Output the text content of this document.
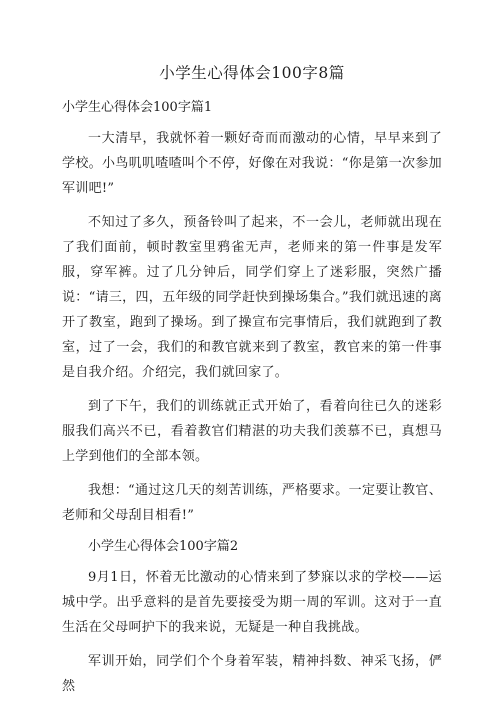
小学生心得体会100字8篇
小学生心得体会100字篇1

一大清早，我就怀着一颗好奇而而激动的心情，早早来到了学校。小鸟叽叽喳喳叫个不停，好像在对我说：“你是第一次参加军训吧!”

不知过了多久，预备铃叫了起来，不一会儿，老师就出现在了我们面前，顿时教室里鸦雀无声，老师来的第一件事是发军服，穿军裤。过了几分钟后，同学们穿上了迷彩服，突然广播说：“请三，四，五年级的同学赶快到操场集合。”我们就迅速的离开了教室，跑到了操场。到了操宣布完事情后，我们就跑到了教室，过了一会，我们的和教官就来到了教室，教官来的第一件事是自我介绍。介绍完，我们就回家了。

到了下午，我们的训练就正式开始了，看着向往已久的迷彩服我们高兴不已，看着教官们精湛的功夫我们羡慕不已，真想马上学到他们的全部本领。

我想：“通过这几天的刻苦训练，严格要求。一定要让教官、老师和父母刮目相看!”

小学生心得体会100字篇2

9月1日，怀着无比激动的心情来到了梦寐以求的学校——运城中学。出乎意料的是首先要接受为期一周的军训。这对于一直生活在父母呵护下的我来说，无疑是一种自我挑战。

军训开始，同学们个个身着军装，精神抖数、神采飞扬，俨然
